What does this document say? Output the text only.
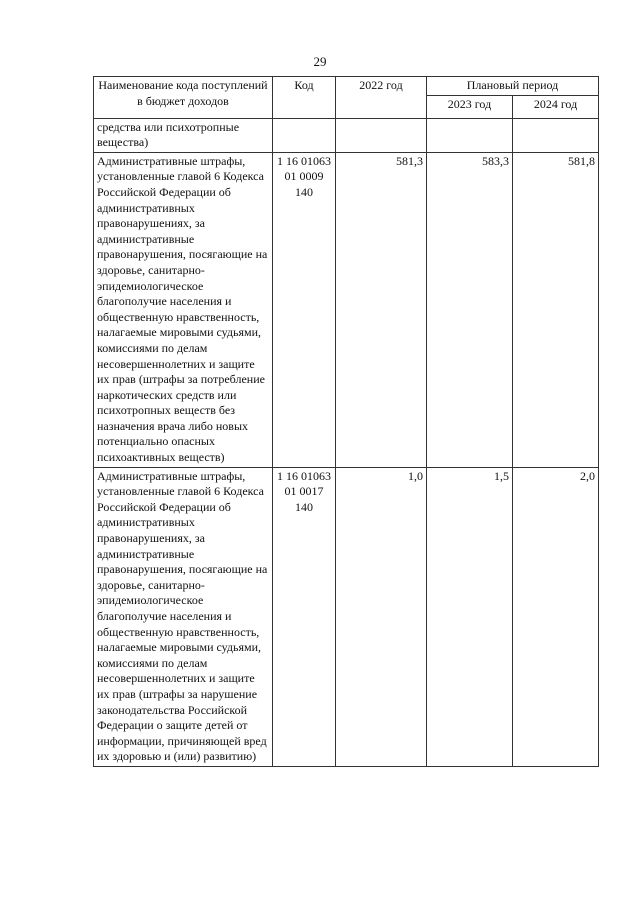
29
Наименование кода поступлений в бюджет доходов	Код	2022 год	Плановый период	
			2023 год	2024 год
средства или психотропные вещества)				
Административные штрафы, установленные главой 6 Кодекса Российской Федерации об административных правонарушениях, за административные правонарушения, посягающие на здоровье, санитарно-эпидемиологическое благополучие населения и общественную нравственность, налагаемые мировыми судьями, комиссиями по делам несовершеннолетних и защите их прав (штрафы за потребление наркотических средств или психотропных веществ без назначения врача либо новых потенциально опасных психоактивных веществ)	1 16 01063 01 0009 140	581,3	583,3	581,8
Административные штрафы, установленные главой 6 Кодекса Российской Федерации об административных правонарушениях, за административные правонарушения, посягающие на здоровье, санитарно-эпидемиологическое благополучие населения и общественную нравственность, налагаемые мировыми судьями, комиссиями по делам несовершеннолетних и защите их прав (штрафы за нарушение законодательства Российской Федерации о защите детей от информации, причиняющей вред их здоровью и (или) развитию)	1 16 01063 01 0017 140	1,0	1,5	2,0
